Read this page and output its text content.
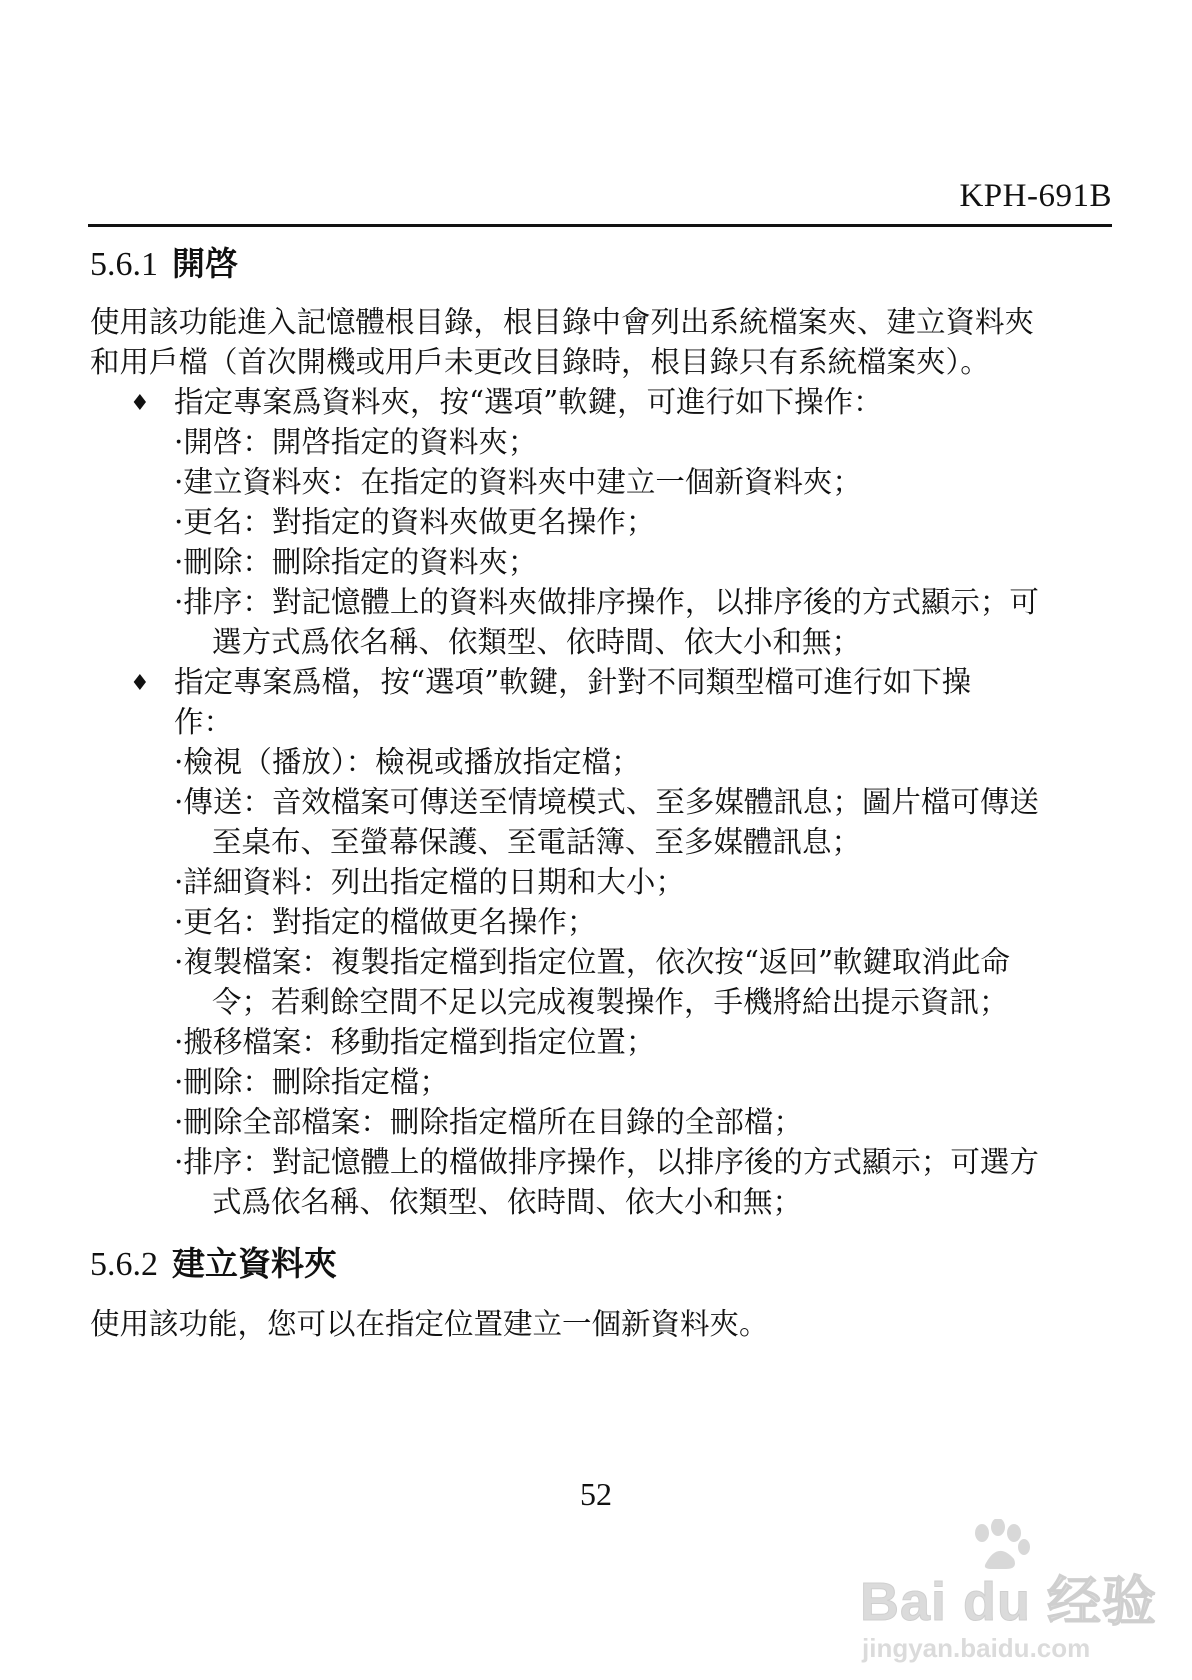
KPH-691B
5.6.1 開啓
使用該功能進入記憶體根目錄，根目錄中會列出系統檔案夾、建立資料夾
和用戶檔（首次開機或用戶未更改目錄時，根目錄只有系統檔案夾）。
♦ 指定專案爲資料夾，按“選項”軟鍵，可進行如下操作：
·開啓：開啓指定的資料夾；
·建立資料夾：在指定的資料夾中建立一個新資料夾；
·更名：對指定的資料夾做更名操作；
·刪除：刪除指定的資料夾；
·排序：對記憶體上的資料夾做排序操作，以排序後的方式顯示；可
選方式爲依名稱、依類型、依時間、依大小和無；
♦ 指定專案爲檔，按“選項”軟鍵，針對不同類型檔可進行如下操
作：
·檢視（播放）：檢視或播放指定檔；
·傳送：音效檔案可傳送至情境模式、至多媒體訊息；圖片檔可傳送
至桌布、至螢幕保護、至電話簿、至多媒體訊息；
·詳細資料：列出指定檔的日期和大小；
·更名：對指定的檔做更名操作；
·複製檔案：複製指定檔到指定位置，依次按“返回”軟鍵取消此命
令；若剩餘空間不足以完成複製操作，手機將給出提示資訊；
·搬移檔案：移動指定檔到指定位置；
·刪除：刪除指定檔；
·刪除全部檔案：刪除指定檔所在目錄的全部檔；
·排序：對記憶體上的檔做排序操作，以排序後的方式顯示；可選方
式爲依名稱、依類型、依時間、依大小和無；
5.6.2 建立資料夾
使用該功能，您可以在指定位置建立一個新資料夾。
52
Bai du 经验
jingyan.baidu.com
